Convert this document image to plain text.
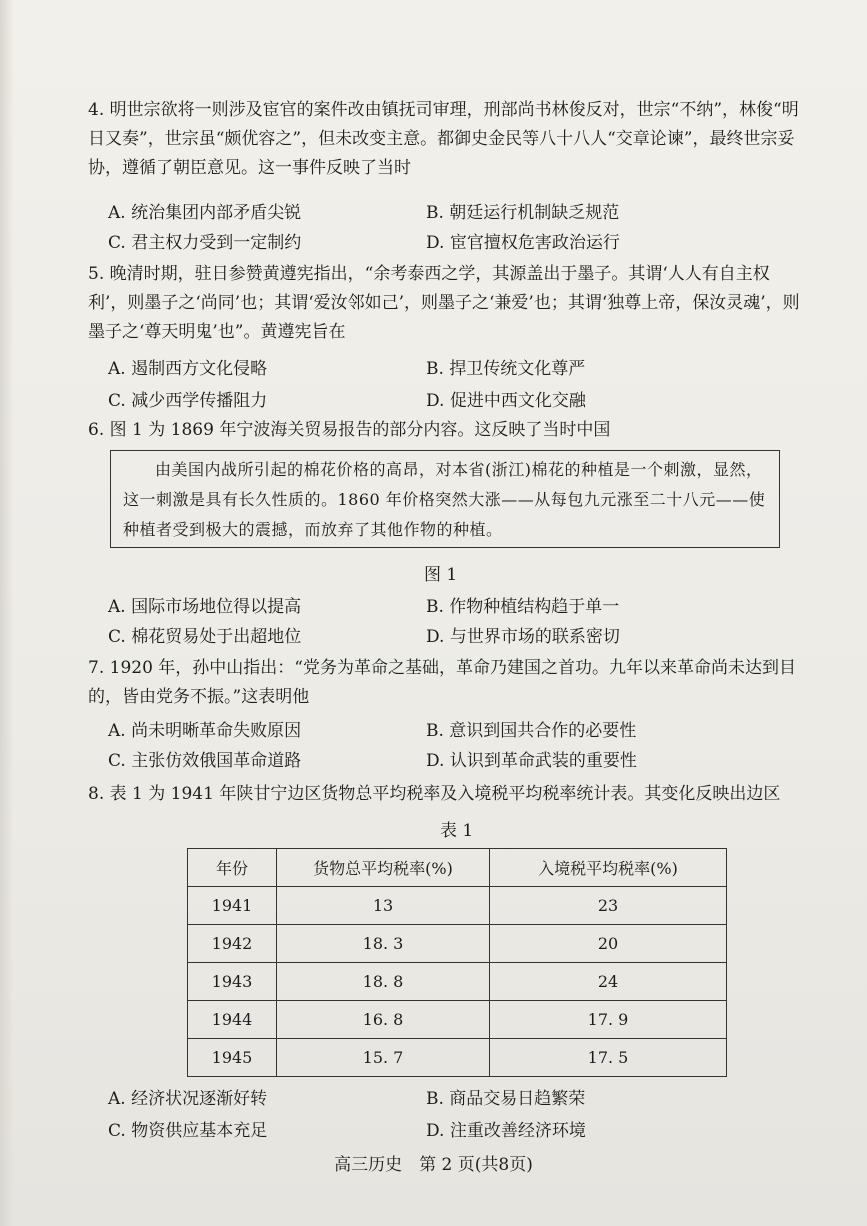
4. 明世宗欲将一则涉及宦官的案件改由镇抚司审理，刑部尚书林俊反对，世宗“不纳”，林俊“明日又奏”，世宗虽“颇优容之”，但未改变主意。都御史金民等八十八人“交章论谏”，最终世宗妥协，遵循了朝臣意见。这一事件反映了当时
A. 统治集团内部矛盾尖锐	B. 朝廷运行机制缺乏规范
C. 君主权力受到一定制约	D. 宦官擅权危害政治运行
5. 晚清时期，驻日参赞黄遵宪指出，“余考泰西之学，其源盖出于墨子。其谓‘人人有自主权利’，则墨子之‘尚同’也；其谓‘爱汝邻如己’，则墨子之‘兼爱’也；其谓‘独尊上帝，保汝灵魂’，则墨子之‘尊天明鬼’也”。黄遵宪旨在
A. 遏制西方文化侵略	B. 捍卫传统文化尊严
C. 减少西学传播阻力	D. 促进中西文化交融
6. 图 1 为 1869 年宁波海关贸易报告的部分内容。这反映了当时中国
由美国内战所引起的棉花价格的高昂，对本省(浙江)棉花的种植是一个刺激，显然，这一刺激是具有长久性质的。1860 年价格突然大涨——从每包九元涨至二十八元——使种植者受到极大的震撼，而放弃了其他作物的种植。
图 1
A. 国际市场地位得以提高	B. 作物种植结构趋于单一
C. 棉花贸易处于出超地位	D. 与世界市场的联系密切
7. 1920 年，孙中山指出：“党务为革命之基础，革命乃建国之首功。九年以来革命尚未达到目的，皆由党务不振。”这表明他
A. 尚未明晰革命失败原因	B. 意识到国共合作的必要性
C. 主张仿效俄国革命道路	D. 认识到革命武装的重要性
8. 表 1 为 1941 年陕甘宁边区货物总平均税率及入境税平均税率统计表。其变化反映出边区
表 1
年份	货物总平均税率(%)	入境税平均税率(%)
1941	13	23
1942	18. 3	20
1943	18. 8	24
1944	16. 8	17. 9
1945	15. 7	17. 5
A. 经济状况逐渐好转	B. 商品交易日趋繁荣
C. 物资供应基本充足	D. 注重改善经济环境
高三历史　第 2 页(共8页)
